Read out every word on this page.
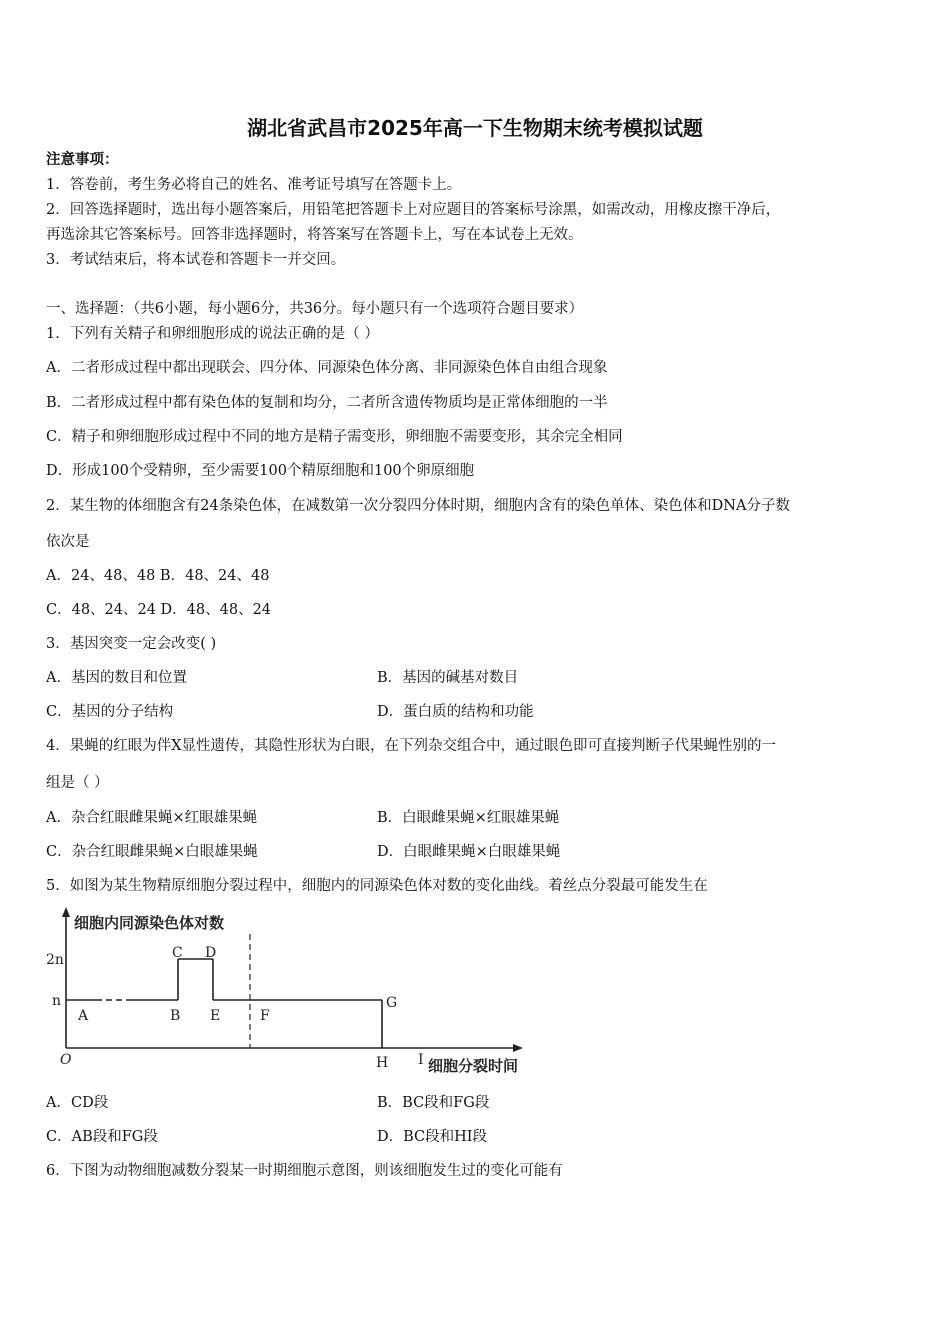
湖北省武昌市2025年高一下生物期末统考模拟试题
注意事项：
1．答卷前，考生务必将自己的姓名、准考证号填写在答题卡上。
2．回答选择题时，选出每小题答案后，用铅笔把答题卡上对应题目的答案标号涂黑，如需改动，用橡皮擦干净后，
再选涂其它答案标号。回答非选择题时，将答案写在答题卡上，写在本试卷上无效。
3．考试结束后，将本试卷和答题卡一并交回。
一、选择题：（共6小题，每小题6分，共36分。每小题只有一个选项符合题目要求）
1．下列有关精子和卵细胞形成的说法正确的是（ ）
A．二者形成过程中都出现联会、四分体、同源染色体分离、非同源染色体自由组合现象
B．二者形成过程中都有染色体的复制和均分，二者所含遗传物质均是正常体细胞的一半
C．精子和卵细胞形成过程中不同的地方是精子需变形，卵细胞不需要变形，其余完全相同
D．形成100个受精卵，至少需要100个精原细胞和100个卵原细胞
2．某生物的体细胞含有24条染色体，在减数第一次分裂四分体时期，细胞内含有的染色单体、染色体和DNA分子数
依次是
A．24、48、48 B．48、24、48
C．48、24、24 D．48、48、24
3．基因突变一定会改变( )
A．基因的数目和位置	B．基因的碱基对数目
C．基因的分子结构	D．蛋白质的结构和功能
4．果蝇的红眼为伴X显性遗传，其隐性形状为白眼，在下列杂交组合中，通过眼色即可直接判断子代果蝇性别的一
组是（ ）
A．杂合红眼雌果蝇×红眼雄果蝇	B．白眼雌果蝇×红眼雄果蝇
C．杂合红眼雌果蝇×白眼雄果蝇	D．白眼雌果蝇×白眼雄果蝇
5．如图为某生物精原细胞分裂过程中，细胞内的同源染色体对数的变化曲线。着丝点分裂最可能发生在
细胞内同源染色体对数
细胞分裂时间
O
2n
n
A	B
C D
E	F
G
H I
A．CD段	B．BC段和FG段
C．AB段和FG段	D．BC段和HI段
6．下图为动物细胞减数分裂某一时期细胞示意图，则该细胞发生过的变化可能有
